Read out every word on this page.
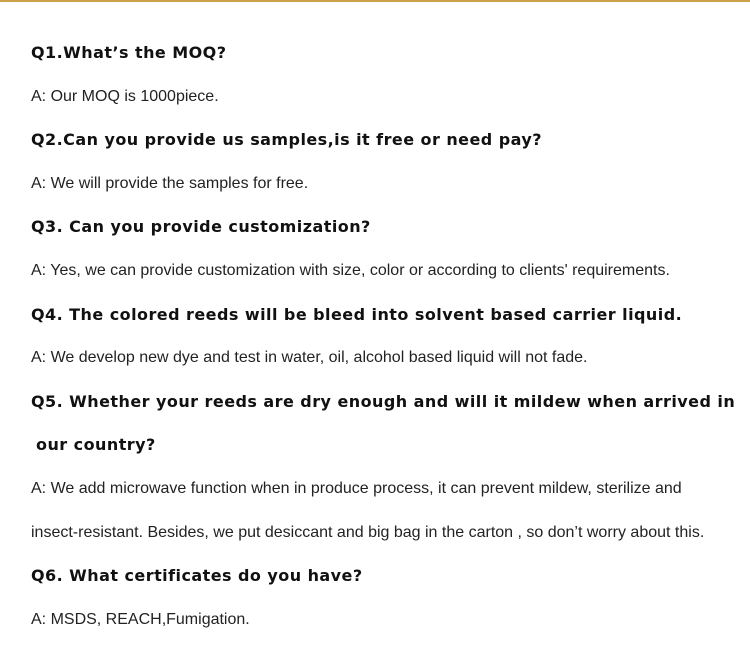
Q1.What’s the MOQ?
A: Our MOQ is 1000piece.
Q2.Can you provide us samples,is it free or need pay?
A: We will provide the samples for free.
Q3. Can you provide customization?
A: Yes, we can provide customization with size, color or according to clients' requirements.
Q4. The colored reeds will be bleed into solvent based carrier liquid.
A: We develop new dye and test in water, oil, alcohol based liquid will not fade.
Q5. Whether your reeds are dry enough and will it mildew when arrived in
our country?
A: We add microwave function when in produce process, it can prevent mildew, sterilize and
insect-resistant. Besides, we put desiccant and big bag in the carton , so don’t worry about this.
Q6. What certificates do you have?
A: MSDS, REACH,Fumigation.
